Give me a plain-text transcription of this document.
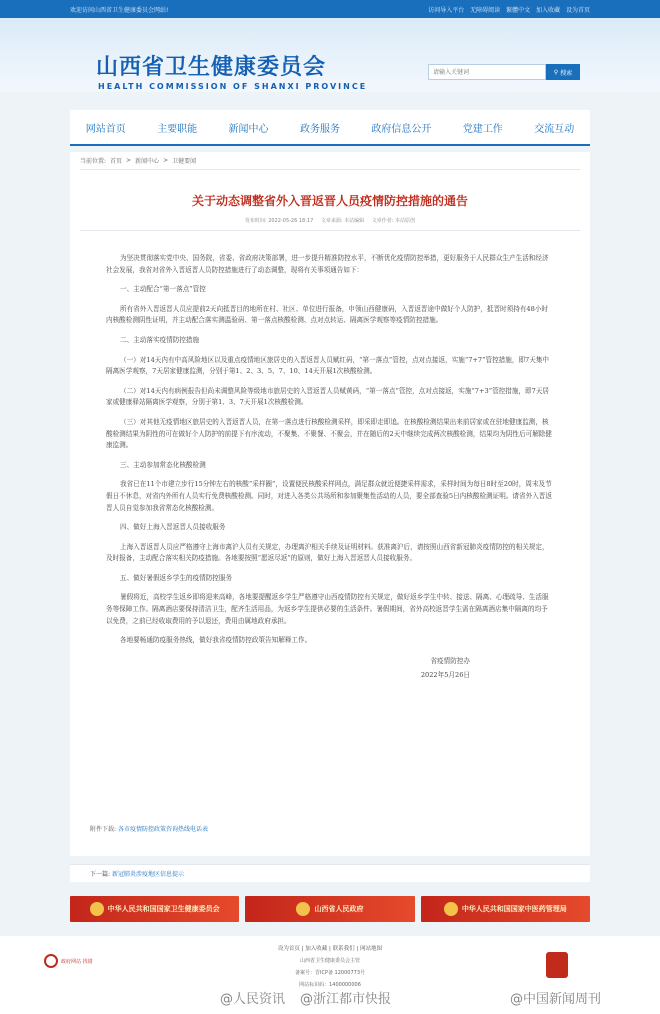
欢迎访问山西省卫生健康委员会网站!	访问导入平台 无障碍阅读 繁體中文 加入收藏 设为首页
山西省卫生健康委员会
HEALTH COMMISSION OF SHANXI PROVINCE
请输入关键词
⚲ 搜索
网站首页	主要职能	新闻中心	政务服务	政府信息公开	党建工作	交流互动
当前位置: 首页 > 新闻中心 > 卫健要闻
关于动态调整省外入晋返晋人员疫情防控措施的通告
发布时间: 2022-05-26 18:17 文章来源: 本站编辑 文章作者: 本站原创

为坚决贯彻落实党中央、国务院，省委、省政府决策部署，进一步提升精准防控水平，不断优化疫情防控举措，更好服务于人民群众生产生活和经济社会发展，我省对省外入晋返晋人员防控措施进行了动态调整，现将有关事项通告如下：

一、主动配合“第一落点”管控

所有省外入晋返晋人员应提前2天向抵晋目的地所在村、社区、单位进行报备，申领山西健康码，入晋返晋途中做好个人防护，抵晋时须持有48小时内核酸检测阴性证明，并主动配合落实测温验码、第一落点核酸检测、点对点转运、隔离医学观察等疫情防控措施。

二、主动落实疫情防控措施

（一）对14天内有中高风险地区以及重点疫情地区旅居史的入晋返晋人员赋红码，“第一落点”管控，点对点接返，实施“7+7”管控措施，即7天集中隔离医学观察，7天居家健康监测，分别于第1、2、3、5、7、10、14天开展1次核酸检测。

（二）对14天内有病例报告但尚未调整风险等级地市旅居史的入晋返晋人员赋黄码，“第一落点”管控，点对点接返，实施“7+3”管控措施，即7天居家或健康驿站隔离医学观察，分别于第1、3、7天开展1次核酸检测。

（三）对其他无疫情地区旅居史的入晋返晋人员，在第一落点进行核酸检测采样，即采即走即追。在核酸检测结果出来前居家或在驻地健康监测，核酸检测结果为阴性的可在做好个人防护的前提下有序流动，不聚集、不聚餐、不聚会，并在随后的2天中继续完成两次核酸检测，结果均为阴性后可解除健康监测。

三、主动参加常态化核酸检测

我省已在11个市建立步行15分钟左右的核酸“采样圈”，设置便民核酸采样网点，满足群众就近便捷采样需求，采样时间为每日8时至20时，周末及节假日不休息，对省内外所有人员实行免费核酸检测。同时，对进入各类公共场所和参加聚集性活动的人员，要全部查验5日内核酸检测证明。请省外入晋返晋人员自觉参加我省常态化核酸检测。

四、做好上海入晋返晋人员接收服务

上海入晋返晋人员应严格遵守上海市离沪人员有关规定，办理离沪相关手续及证明材料。获准离沪后，请按照山西省新冠肺炎疫情防控的相关规定，及时报备，主动配合落实相关防疫措施。各地要按照“愿返尽返”的原则，做好上海入晋返晋人员接收服务。

五、做好暑假返乡学生的疫情防控服务

暑假将近，高校学生返乡即将迎来高峰，各地要提醒返乡学生严格遵守山西疫情防控有关规定，做好返乡学生中转、接送、隔离、心理疏导、生活服务等保障工作。隔离酒店要保持清洁卫生，配齐生活用品，为返乡学生提供必要的生活条件。暑假期间，省外高校返晋学生需在隔离酒店集中隔离的均予以免费，之前已经收取费用的予以退还，费用由属地政府承担。

各地要畅通防疫服务热线，做好我省疫情防控政策告知解释工作。

省疫情防控办
2022年5月26日
附件下载: 各市疫情防控政策咨询热线电话表
下一篇: 新冠肺炎涉疫地区信息提示
中华人民共和国国家卫生健康委员会	山西省人民政府	中华人民共和国国家中医药管理局
政府网站 找错
设为首页 | 加入收藏 | 联系我们 | 网站地图
山西省卫生健康委员会主管
备案号：晋ICP备 12000773号
网站标识码：1400000006
@人民资讯 @浙江都市快报	@中国新闻周刊
